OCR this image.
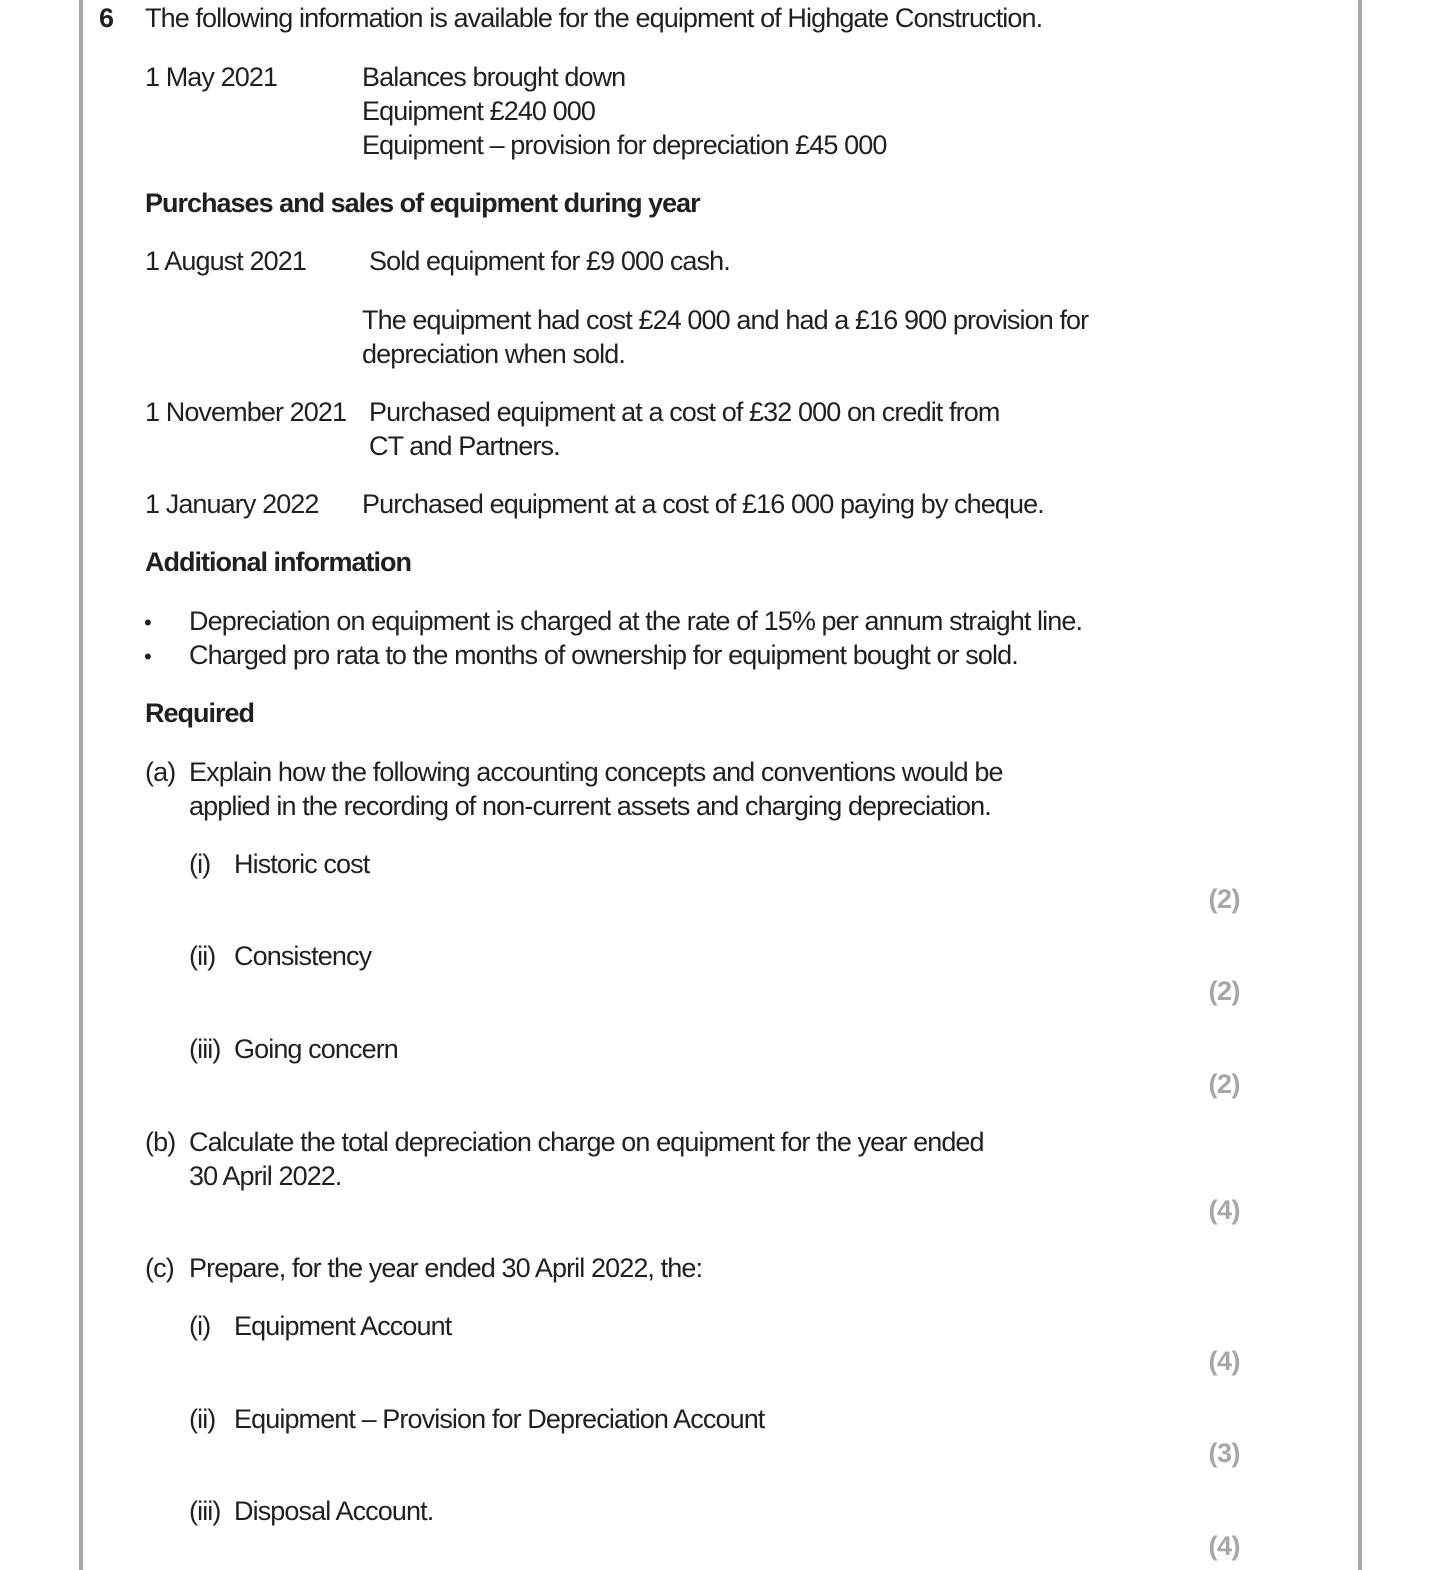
6 The following information is available for the equipment of Highgate Construction.
1 May 2021	Balances brought down
Equipment £240 000
Equipment – provision for depreciation £45 000
Purchases and sales of equipment during year
1 August 2021 Sold equipment for £9 000 cash.
The equipment had cost £24 000 and had a £16 900 provision for
depreciation when sold.
1 November 2021 Purchased equipment at a cost of £32 000 on credit from
CT and Partners.
1 January 2022 Purchased equipment at a cost of £16 000 paying by cheque.
Additional information
• Depreciation on equipment is charged at the rate of 15% per annum straight line.
• Charged pro rata to the months of ownership for equipment bought or sold.
Required
(a) Explain how the following accounting concepts and conventions would be
applied in the recording of non-current assets and charging depreciation.
(i) Historic cost
(2)
(ii) Consistency
(2)
(iii) Going concern
(2)
(b) Calculate the total depreciation charge on equipment for the year ended
30 April 2022.
(4)
(c) Prepare, for the year ended 30 April 2022, the:
(i) Equipment Account
(4)
(ii) Equipment – Provision for Depreciation Account
(3)
(iii) Disposal Account.
(4)
